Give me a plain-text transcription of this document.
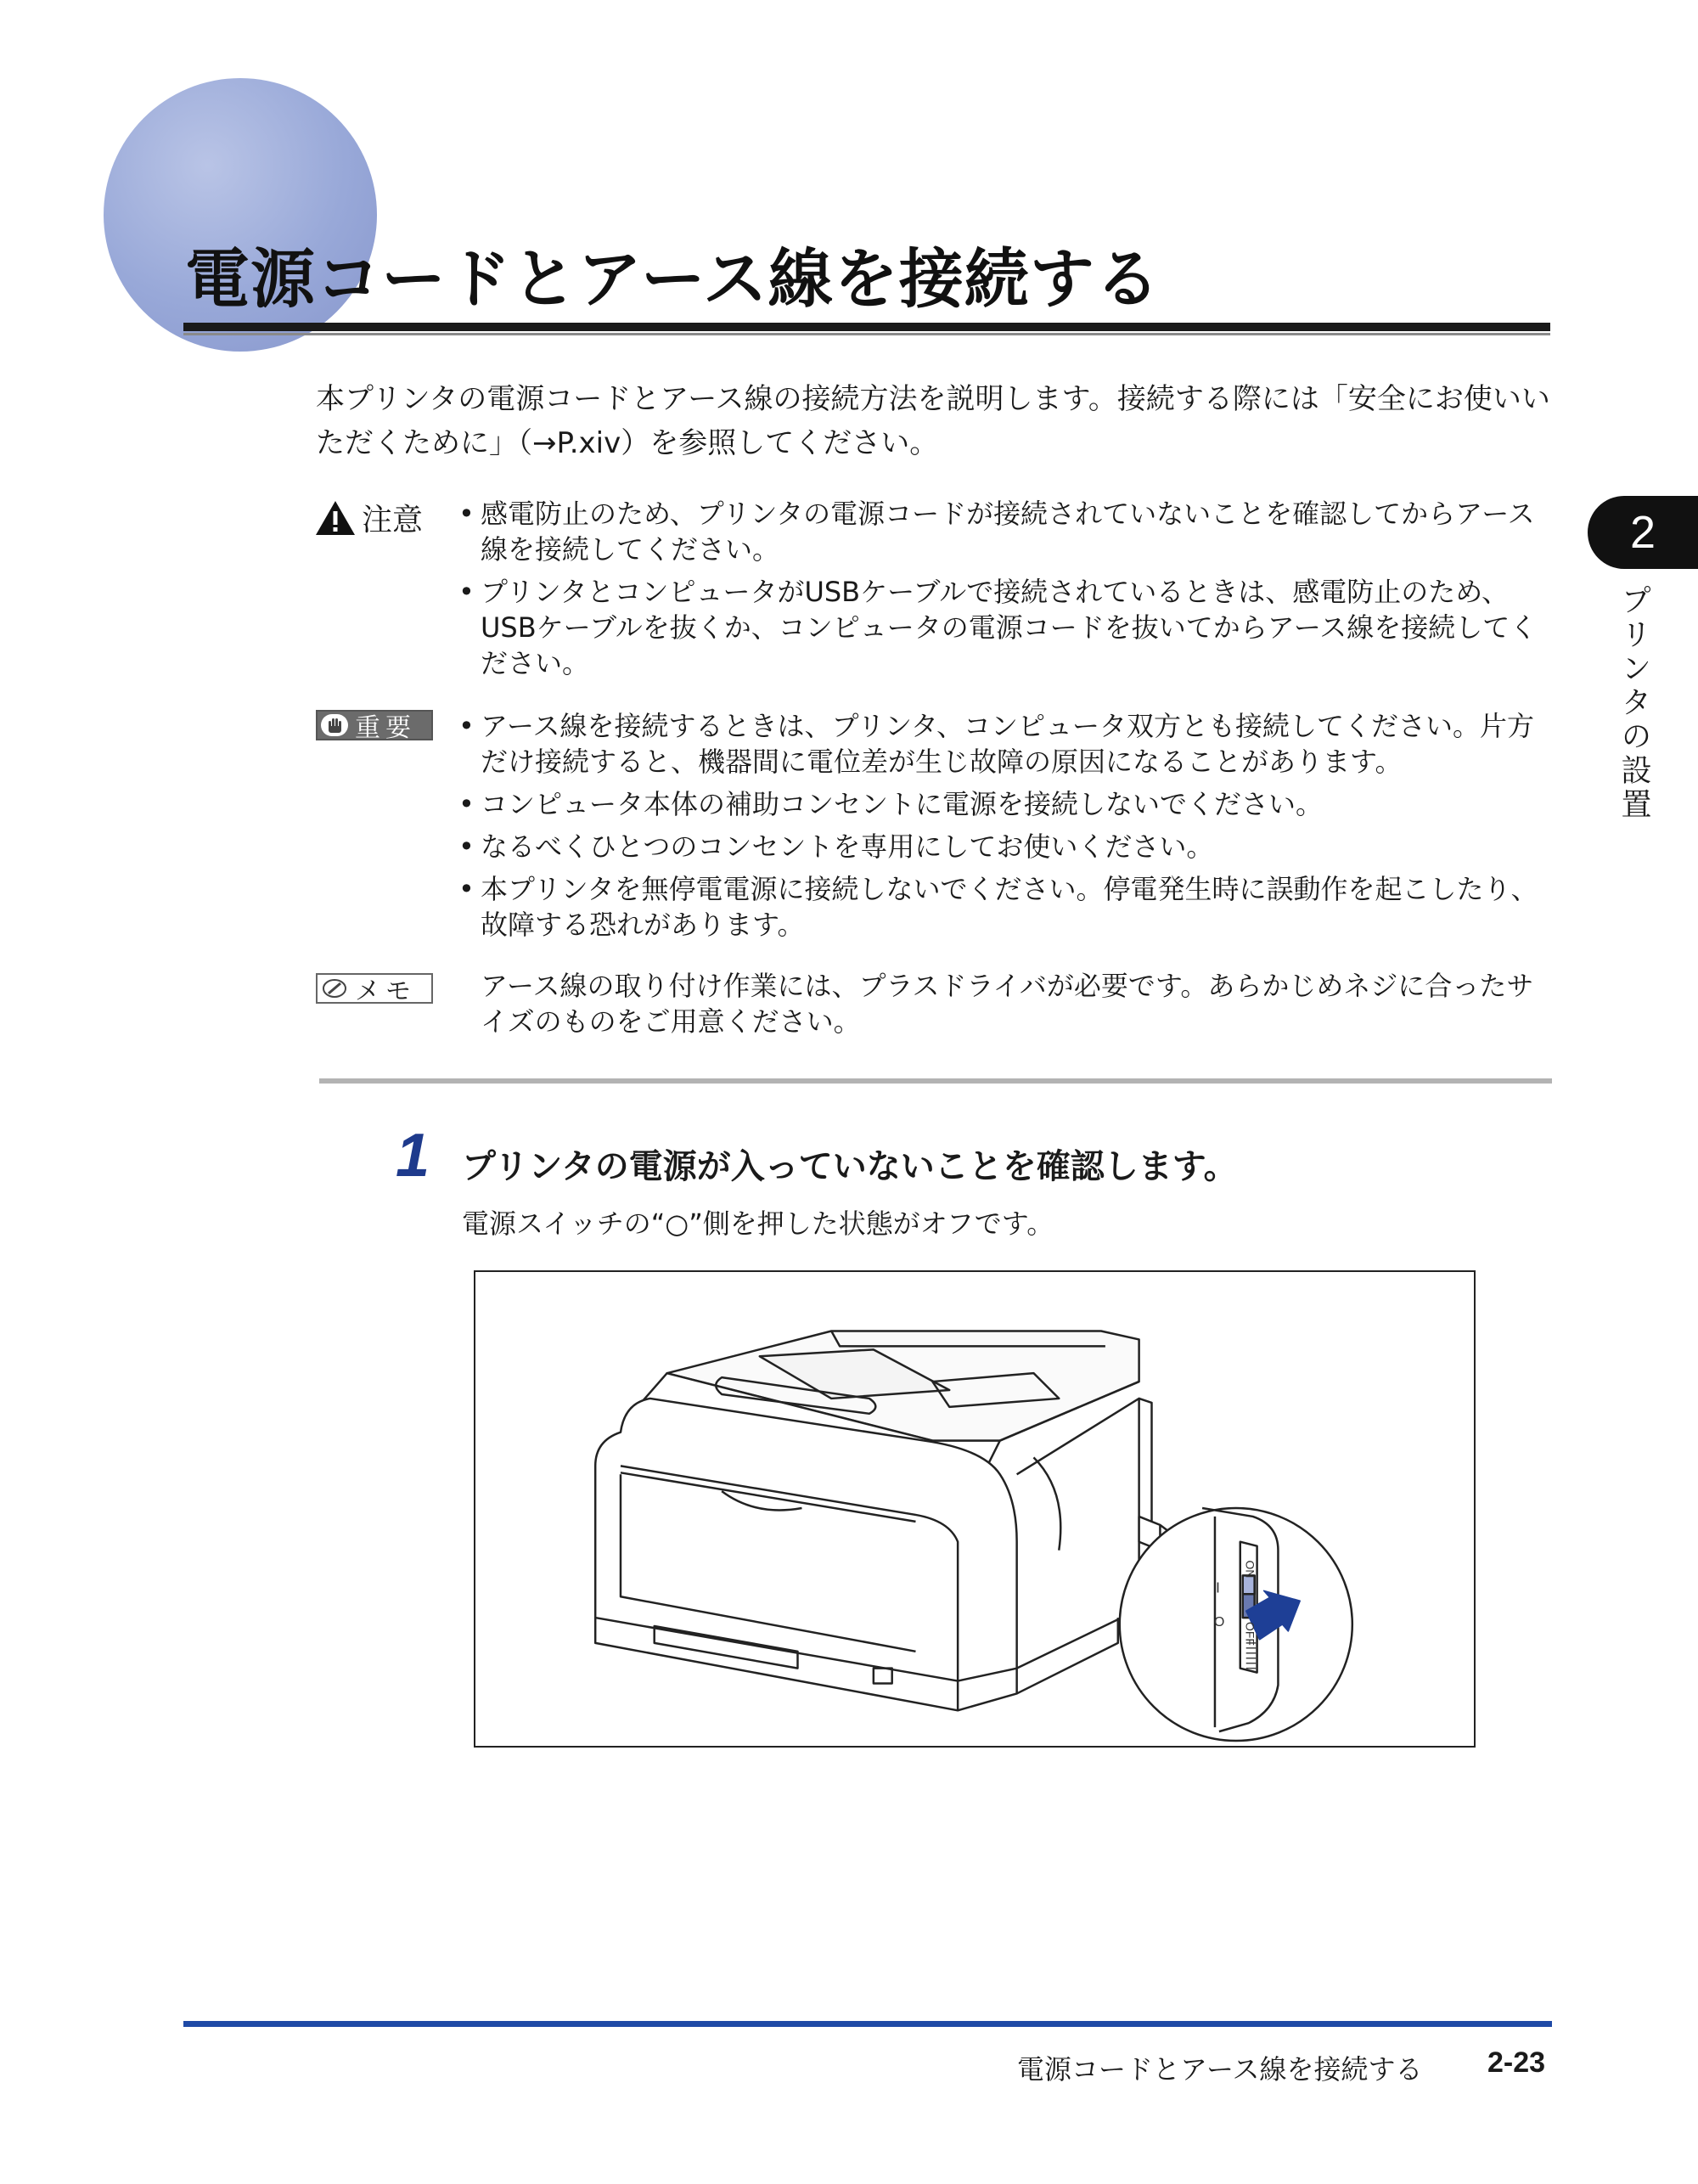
電源コードとアース線を接続する

本プリンタの電源コードとアース線の接続方法を説明します。接続する際には「安全にお使いいただくために」（→P.xiv）を参照してください。

注意	• 感電防止のため、プリンタの電源コードが接続されていないことを確認してからアース線を接続してください。
• プリンタとコンピュータがUSBケーブルで接続されているときは、感電防止のため、USBケーブルを抜くか、コンピュータの電源コードを抜いてからアース線を接続してください。
重要	• アース線を接続するときは、プリンタ、コンピュータ双方とも接続してください。片方だけ接続すると、機器間に電位差が生じ故障の原因になることがあります。
• コンピュータ本体の補助コンセントに電源を接続しないでください。
• なるべくひとつのコンセントを専用にしてお使いください。
• 本プリンタを無停電電源に接続しないでください。停電発生時に誤動作を起こしたり、故障する恐れがあります。
メモ アース線の取り付け作業には、プラスドライバが必要です。あらかじめネジに合ったサイズのものをご用意ください。

1 プリンタの電源が入っていないことを確認します。

電源スイッチの“○”側を押した状態がオフです。

ON
OFF
I
O
2
プリンタの設置
電源コードとアース線を接続する 2-23
